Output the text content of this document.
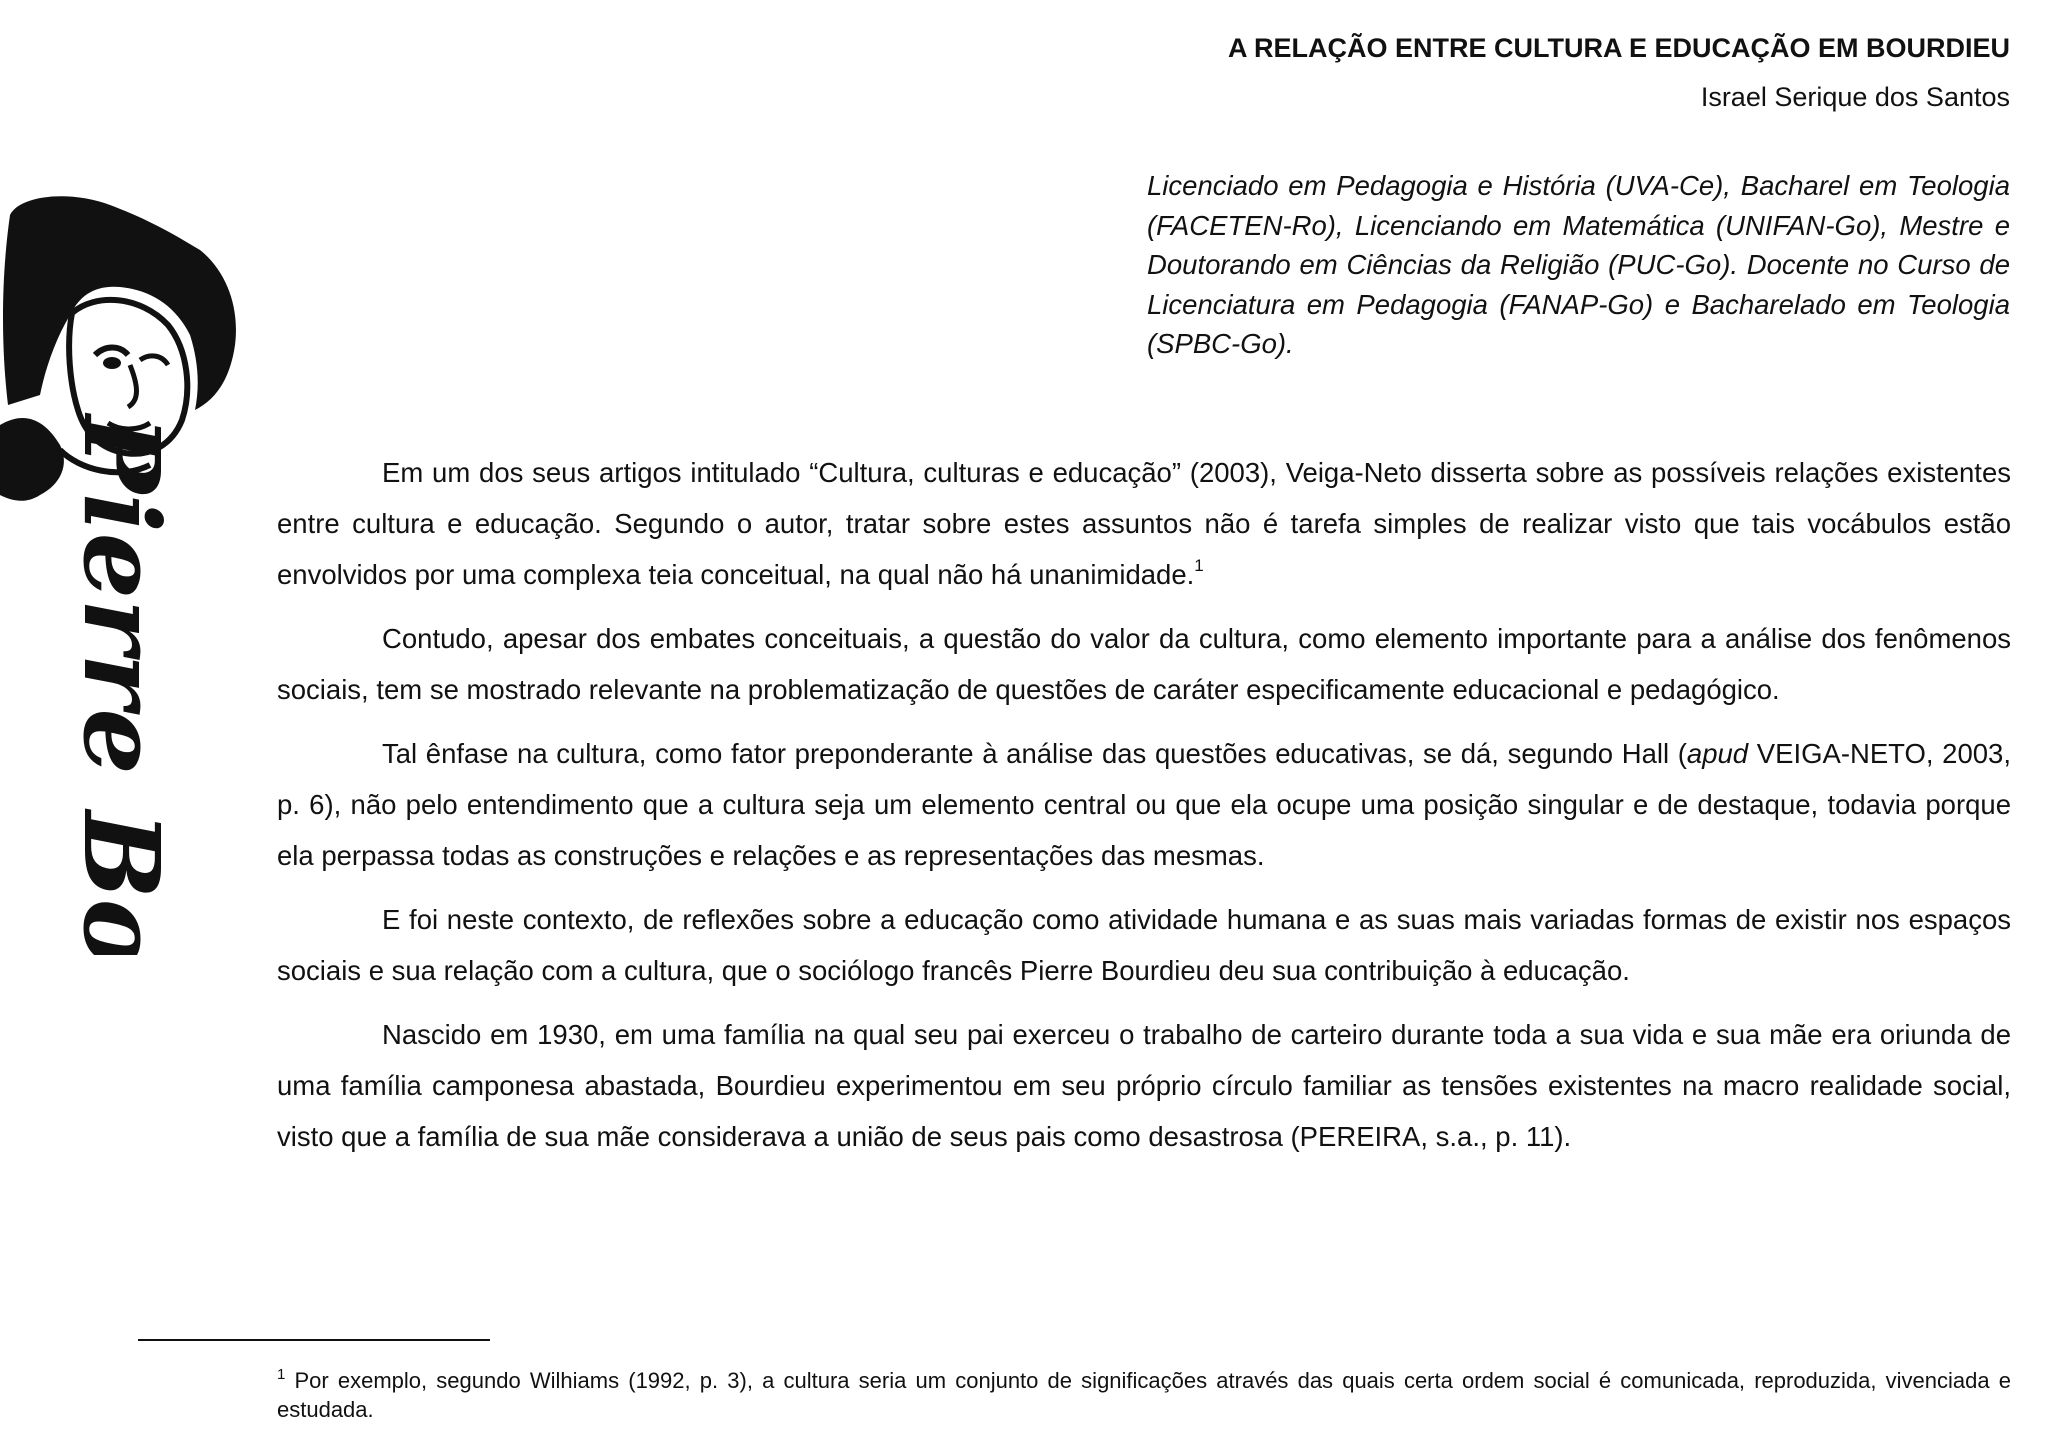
Pierre Bourdieu
A RELAÇÃO ENTRE CULTURA E EDUCAÇÃO EM BOURDIEU
Israel Serique dos Santos

Licenciado em Pedagogia e História (UVA-Ce), Bacharel em Teologia (FACETEN-Ro), Licenciando em Matemática (UNIFAN-Go), Mestre e Doutorando em Ciências da Religião (PUC-Go). Docente no Curso de Licenciatura em Pedagogia (FANAP-Go) e Bacharelado em Teologia (SPBC-Go).

Em um dos seus artigos intitulado “Cultura, culturas e educação” (2003), Veiga-Neto disserta sobre as possíveis relações existentes entre cultura e educação. Segundo o autor, tratar sobre estes assuntos não é tarefa simples de realizar visto que tais vocábulos estão envolvidos por uma complexa teia conceitual, na qual não há unanimidade.$^1$

Contudo, apesar dos embates conceituais, a questão do valor da cultura, como elemento importante para a análise dos fenômenos sociais, tem se mostrado relevante na problematização de questões de caráter especificamente educacional e pedagógico.

Tal ênfase na cultura, como fator preponderante à análise das questões educativas, se dá, segundo Hall (apud VEIGA-NETO, 2003, p. 6), não pelo entendimento que a cultura seja um elemento central ou que ela ocupe uma posição singular e de destaque, todavia porque ela perpassa todas as construções e relações e as representações das mesmas.

E foi neste contexto, de reflexões sobre a educação como atividade humana e as suas mais variadas formas de existir nos espaços sociais e sua relação com a cultura, que o sociólogo francês Pierre Bourdieu deu sua contribuição à educação.

Nascido em 1930, em uma família na qual seu pai exerceu o trabalho de carteiro durante toda a sua vida e sua mãe era oriunda de uma família camponesa abastada, Bourdieu experimentou em seu próprio círculo familiar as tensões existentes na macro realidade social, visto que a família de sua mãe considerava a união de seus pais como desastrosa (PEREIRA, s.a., p. 11).

$^1$ Por exemplo, segundo Wilhiams (1992, p. 3), a cultura seria um conjunto de significações através das quais certa ordem social é comunicada, reproduzida, vivenciada e estudada.
